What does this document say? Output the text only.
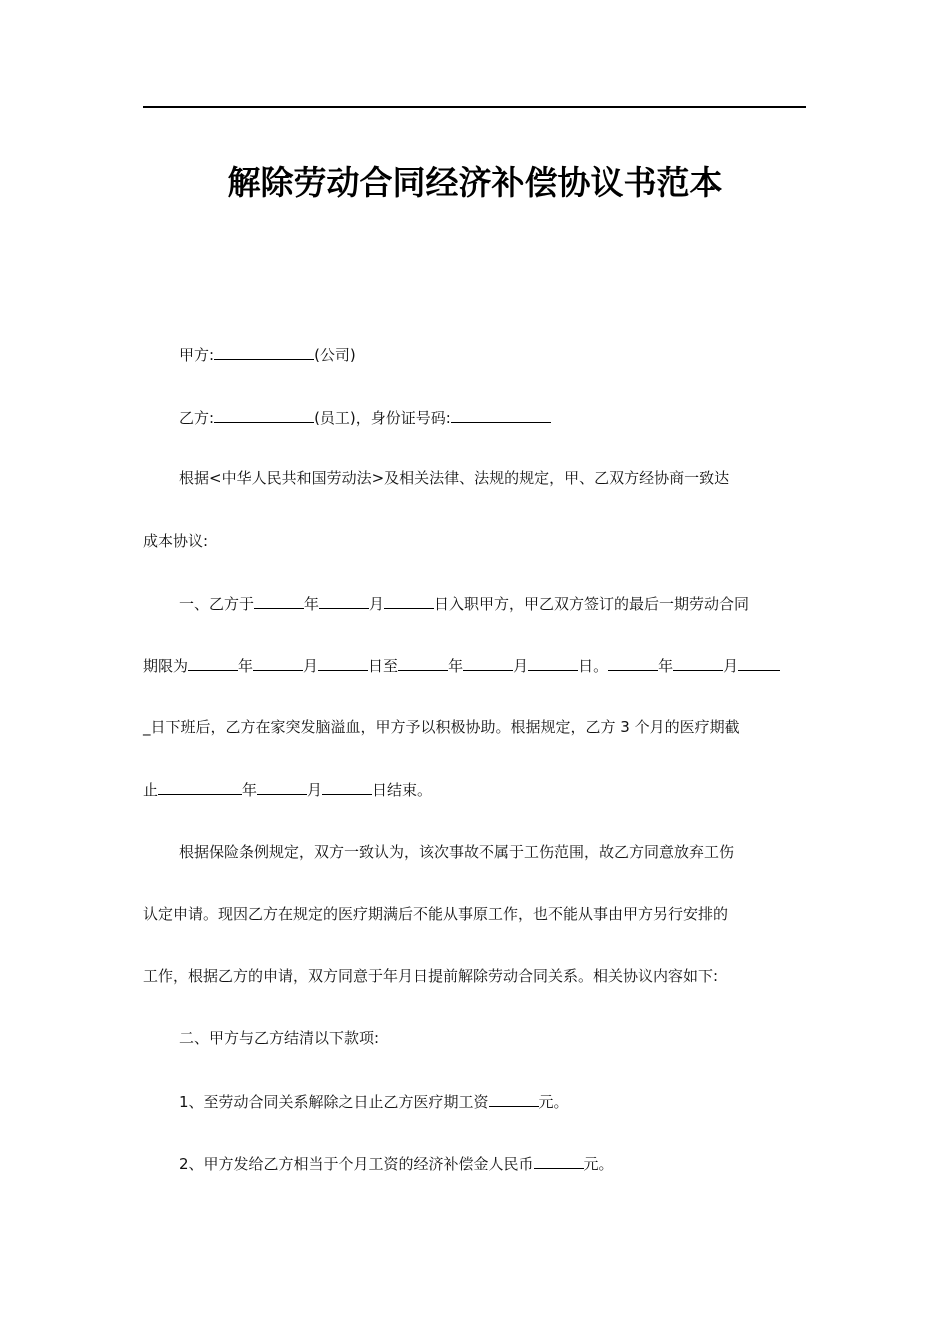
解除劳动合同经济补偿协议书范本
甲方:	(公司)
乙方:	(员工)，身份证号码:
根据<中华人民共和国劳动法>及相关法律、法规的规定，甲、乙双方经协商一致达
成本协议:
一、乙方于	年	月	日入职甲方，甲乙双方签订的最后一期劳动合同
期限为	年	月	日至	年	月	日。	年	月
_日下班后，乙方在家突发脑溢血，甲方予以积极协助。根据规定，乙方 3 个月的医疗期截
止	年	月	日结束。
根据保险条例规定，双方一致认为，该次事故不属于工伤范围，故乙方同意放弃工伤
认定申请。现因乙方在规定的医疗期满后不能从事原工作，也不能从事由甲方另行安排的
工作，根据乙方的申请，双方同意于年月日提前解除劳动合同关系。相关协议内容如下:
二、甲方与乙方结清以下款项:
1、至劳动合同关系解除之日止乙方医疗期工资	元。
2、甲方发给乙方相当于个月工资的经济补偿金人民币	元。
